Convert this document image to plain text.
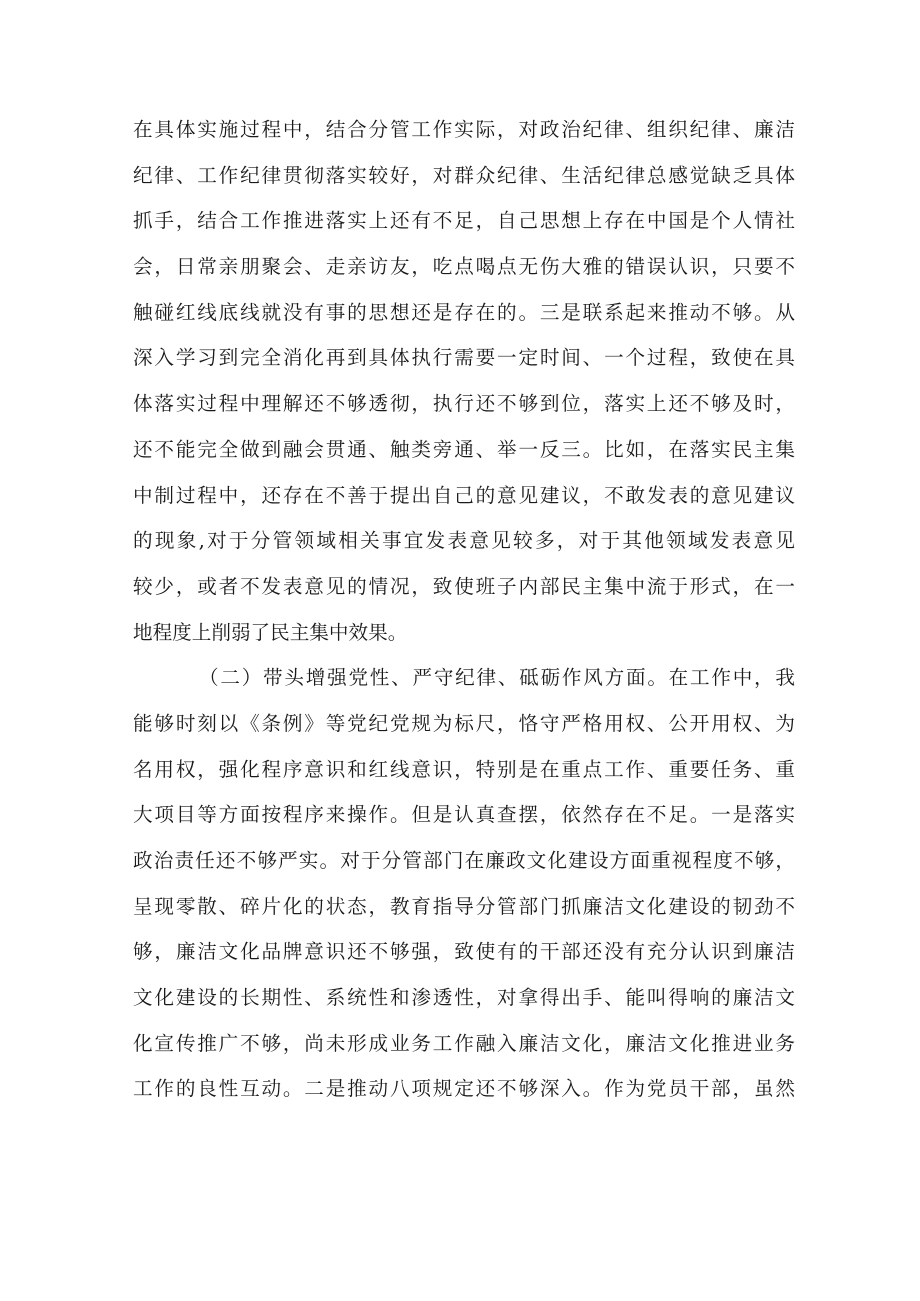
在具体实施过程中，结合分管工作实际，对政治纪律、组织纪律、廉洁
纪律、工作纪律贯彻落实较好，对群众纪律、生活纪律总感觉缺乏具体
抓手，结合工作推进落实上还有不足，自己思想上存在中国是个人情社
会，日常亲朋聚会、走亲访友，吃点喝点无伤大雅的错误认识，只要不
触碰红线底线就没有事的思想还是存在的。三是联系起来推动不够。从
深入学习到完全消化再到具体执行需要一定时间、一个过程，致使在具
体落实过程中理解还不够透彻，执行还不够到位，落实上还不够及时，
还不能完全做到融会贯通、触类旁通、举一反三。比如，在落实民主集
中制过程中，还存在不善于提出自己的意见建议，不敢发表的意见建议
的现象,对于分管领域相关事宜发表意见较多，对于其他领域发表意见
较少，或者不发表意见的情况，致使班子内部民主集中流于形式，在一
地程度上削弱了民主集中效果。
（二）带头增强党性、严守纪律、砥砺作风方面。在工作中，我
能够时刻以《条例》等党纪党规为标尺，恪守严格用权、公开用权、为
名用权，强化程序意识和红线意识，特别是在重点工作、重要任务、重
大项目等方面按程序来操作。但是认真查摆，依然存在不足。一是落实
政治责任还不够严实。对于分管部门在廉政文化建设方面重视程度不够，
呈现零散、碎片化的状态，教育指导分管部门抓廉洁文化建设的韧劲不
够，廉洁文化品牌意识还不够强，致使有的干部还没有充分认识到廉洁
文化建设的长期性、系统性和渗透性，对拿得出手、能叫得响的廉洁文
化宣传推广不够，尚未形成业务工作融入廉洁文化，廉洁文化推进业务
工作的良性互动。二是推动八项规定还不够深入。作为党员干部，虽然
